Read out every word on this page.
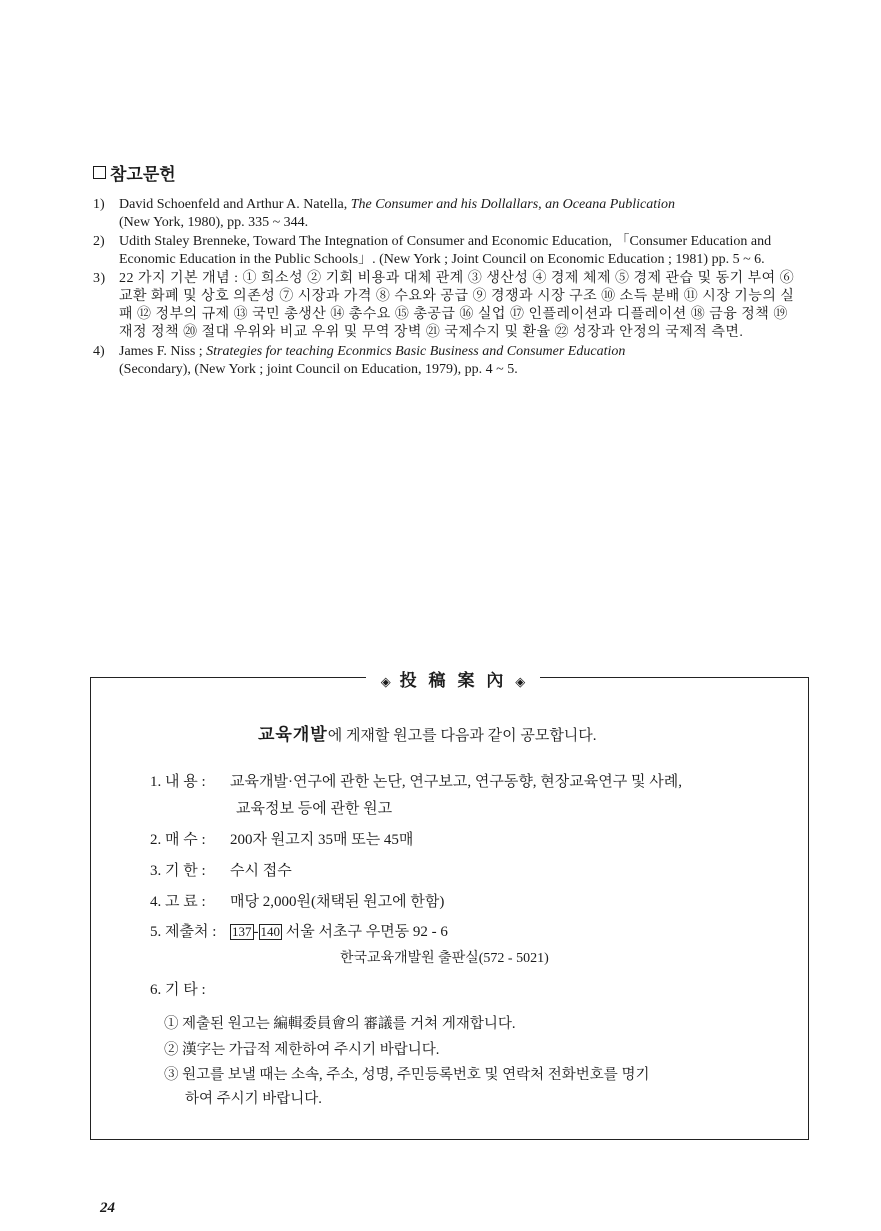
참고문헌
1) David Schoenfeld and Arthur A. Natella, The Consumer and his Dollallars, an Oceana Publication
(New York, 1980), pp. 335 ~ 344.
2) Udith Staley Brenneke, Toward The Integnation of Consumer and Economic Education, 「Consumer Education and Economic Education in the Public Schools」. (New York ; Joint Council on Economic Education ; 1981) pp. 5 ~ 6.
3) 22 가지 기본 개념 : ① 희소성 ② 기회 비용과 대체 관계 ③ 생산성 ④ 경제 체제 ⑤ 경제 관습 및 동기 부여 ⑥ 교환 화폐 및 상호 의존성 ⑦ 시장과 가격 ⑧ 수요와 공급 ⑨ 경쟁과 시장 구조 ⑩ 소득 분배 ⑪ 시장 기능의 실패 ⑫ 정부의 규제 ⑬ 국민 총생산 ⑭ 총수요 ⑮ 총공급 ⑯ 실업 ⑰ 인플레이션과 디플레이션 ⑱ 금융 정책 ⑲ 재정 정책 ⑳ 절대 우위와 비교 우위 및 무역 장벽 ㉑ 국제수지 및 환율 ㉒ 성장과 안정의 국제적 측면.
4) James F. Niss ; Strategies for teaching Econmics Basic Business and Consumer Education
(Secondary), (New York ; joint Council on Education, 1979), pp. 4 ~ 5.
◈ 投 稿 案 內 ◈
교육개발에 게재할 원고를 다음과 같이 공모합니다.
1. 내 용 : 교육개발·연구에 관한 논단, 연구보고, 연구동향, 현장교육연구 및 사례,
교육정보 등에 관한 원고
2. 매 수 : 200자 원고지 35매 또는 45매
3. 기 한 : 수시 접수
4. 고 료 : 매당 2,000원(채택된 원고에 한함)
5. 제출처 : 137 - 140 서울 서초구 우면동 92 - 6
한국교육개발원 출판실(572 - 5021)
6. 기 타 :
① 제출된 원고는 編輯委員會의 審議를 거쳐 게재합니다.
② 漢字는 가급적 제한하여 주시기 바랍니다.
③ 원고를 보낼 때는 소속, 주소, 성명, 주민등록번호 및 연락처 전화번호를 명기
하여 주시기 바랍니다.
24
